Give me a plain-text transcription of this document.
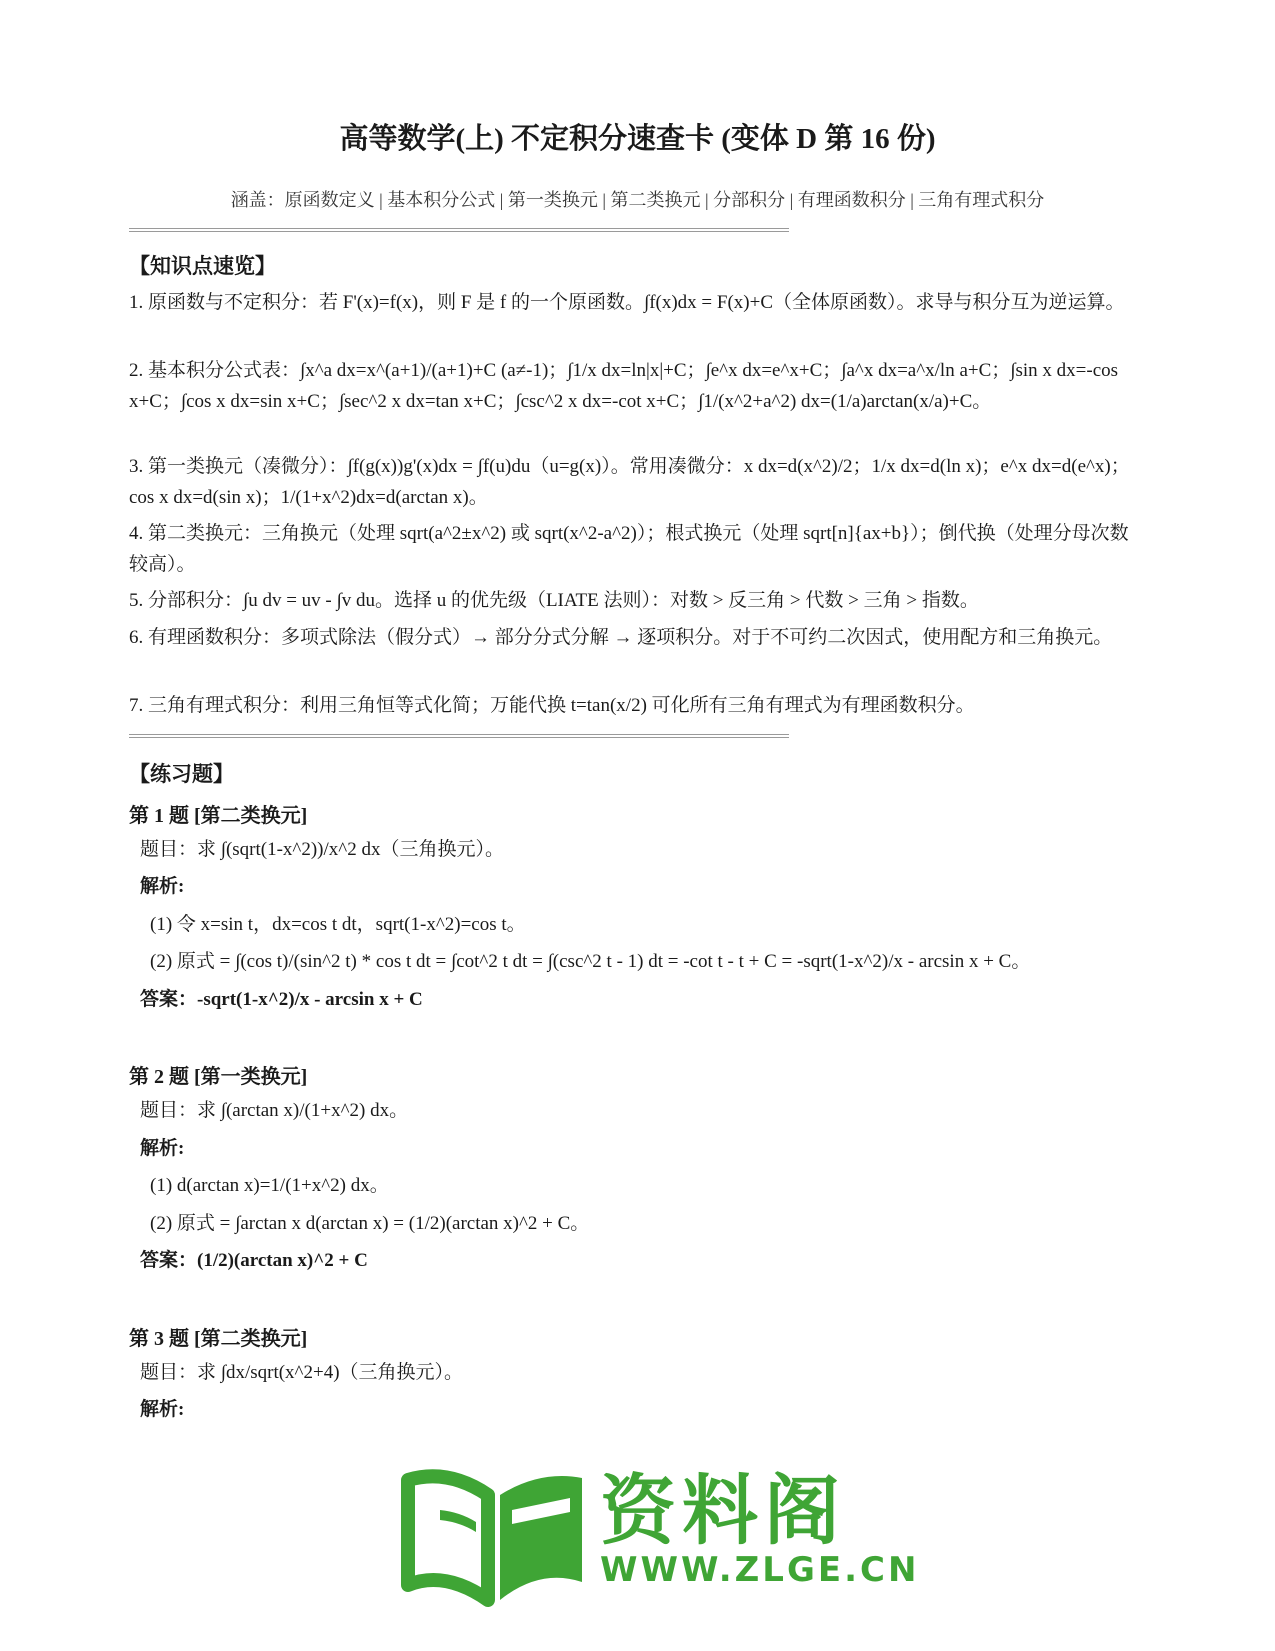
高等数学(上) 不定积分速查卡 (变体 D 第 16 份)
涵盖：原函数定义 | 基本积分公式 | 第一类换元 | 第二类换元 | 分部积分 | 有理函数积分 | 三角有理式积分
【知识点速览】

1. 原函数与不定积分：若 F'(x)=f(x)，则 F 是 f 的一个原函数。∫f(x)dx = F(x)+C（全体原函数）。求导与积分互为逆运算。

2. 基本积分公式表：∫x^a dx=x^(a+1)/(a+1)+C (a≠-1)；∫1/x dx=ln|x|+C；∫e^x dx=e^x+C；∫a^x dx=a^x/ln a+C；∫sin x dx=-cos x+C；∫cos x dx=sin x+C；∫sec^2 x dx=tan x+C；∫csc^2 x dx=-cot x+C；∫1/(x^2+a^2) dx=(1/a)arctan(x/a)+C。

3. 第一类换元（凑微分）：∫f(g(x))g'(x)dx = ∫f(u)du（u=g(x)）。常用凑微分：x dx=d(x^2)/2；1/x dx=d(ln x)；e^x dx=d(e^x)；cos x dx=d(sin x)；1/(1+x^2)dx=d(arctan x)。

4. 第二类换元：三角换元（处理 sqrt(a^2±x^2) 或 sqrt(x^2-a^2)）；根式换元（处理 sqrt[n]{ax+b}）；倒代换（处理分母次数较高）。

5. 分部积分：∫u dv = uv - ∫v du。选择 u 的优先级（LIATE 法则）：对数 > 反三角 > 代数 > 三角 > 指数。

6. 有理函数积分：多项式除法（假分式）→ 部分分式分解 → 逐项积分。对于不可约二次因式，使用配方和三角换元。

7. 三角有理式积分：利用三角恒等式化简；万能代换 t=tan(x/2) 可化所有三角有理式为有理函数积分。

【练习题】
第 1 题 [第二类换元]
题目：求 ∫(sqrt(1-x^2))/x^2 dx（三角换元）。
解析:
(1) 令 x=sin t，dx=cos t dt，sqrt(1-x^2)=cos t。
(2) 原式 = ∫(cos t)/(sin^2 t) * cos t dt = ∫cot^2 t dt = ∫(csc^2 t - 1) dt = -cot t - t + C = -sqrt(1-x^2)/x - arcsin x + C。
答案：-sqrt(1-x^2)/x - arcsin x + C
第 2 题 [第一类换元]
题目：求 ∫(arctan x)/(1+x^2) dx。
解析:
(1) d(arctan x)=1/(1+x^2) dx。
(2) 原式 = ∫arctan x d(arctan x) = (1/2)(arctan x)^2 + C。
答案：(1/2)(arctan x)^2 + C
第 3 题 [第二类换元]
题目：求 ∫dx/sqrt(x^2+4)（三角换元）。
解析:
资料阁
WWW.ZLGE.CN
